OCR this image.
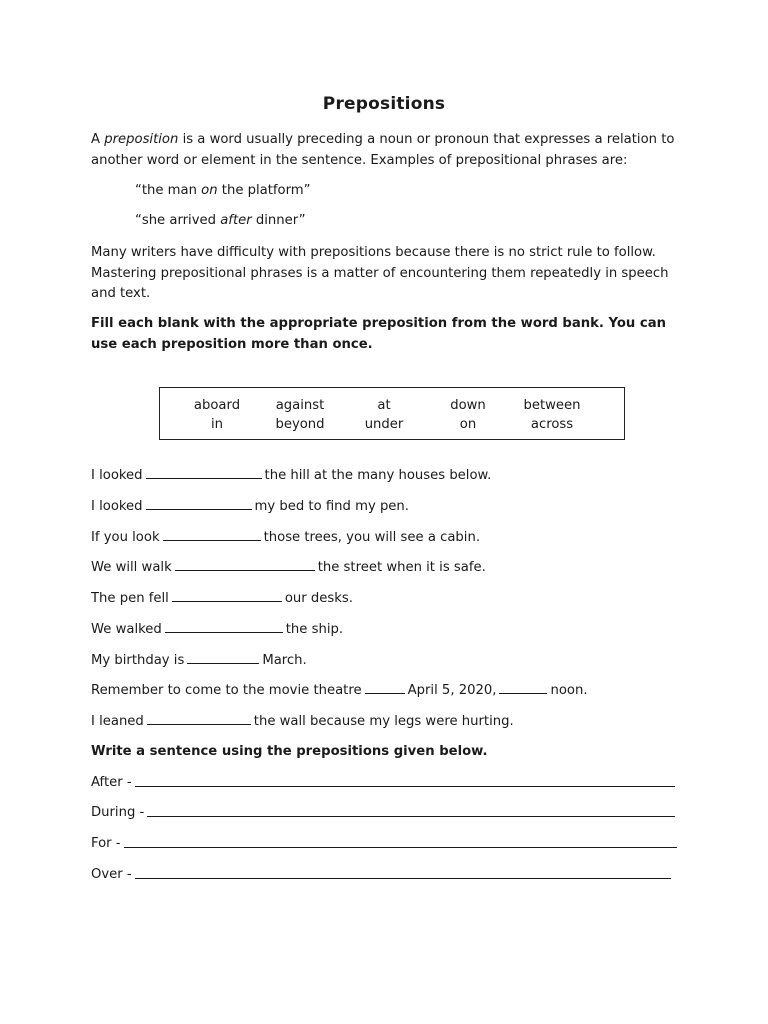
Prepositions
A preposition is a word usually preceding a noun or pronoun that expresses a relation to another word or element in the sentence. Examples of prepositional phrases are:
“the man on the platform”
“she arrived after dinner”
Many writers have difficulty with prepositions because there is no strict rule to follow. Mastering prepositional phrases is a matter of encountering them repeatedly in speech and text.
Fill each blank with the appropriate preposition from the word bank. You can use each preposition more than once.
aboard	against	at	down	between
in	beyond	under	on	across
I looked	the hill at the many houses below.
I looked	my bed to find my pen.
If you look	those trees, you will see a cabin.
We will walk	the street when it is safe.
The pen fell	our desks.
We walked	the ship.
My birthday is	March.
Remember to come to the movie theatre	April 5, 2020,	noon.
I leaned	the wall because my legs were hurting.
Write a sentence using the prepositions given below.
After -
During -
For -
Over -
